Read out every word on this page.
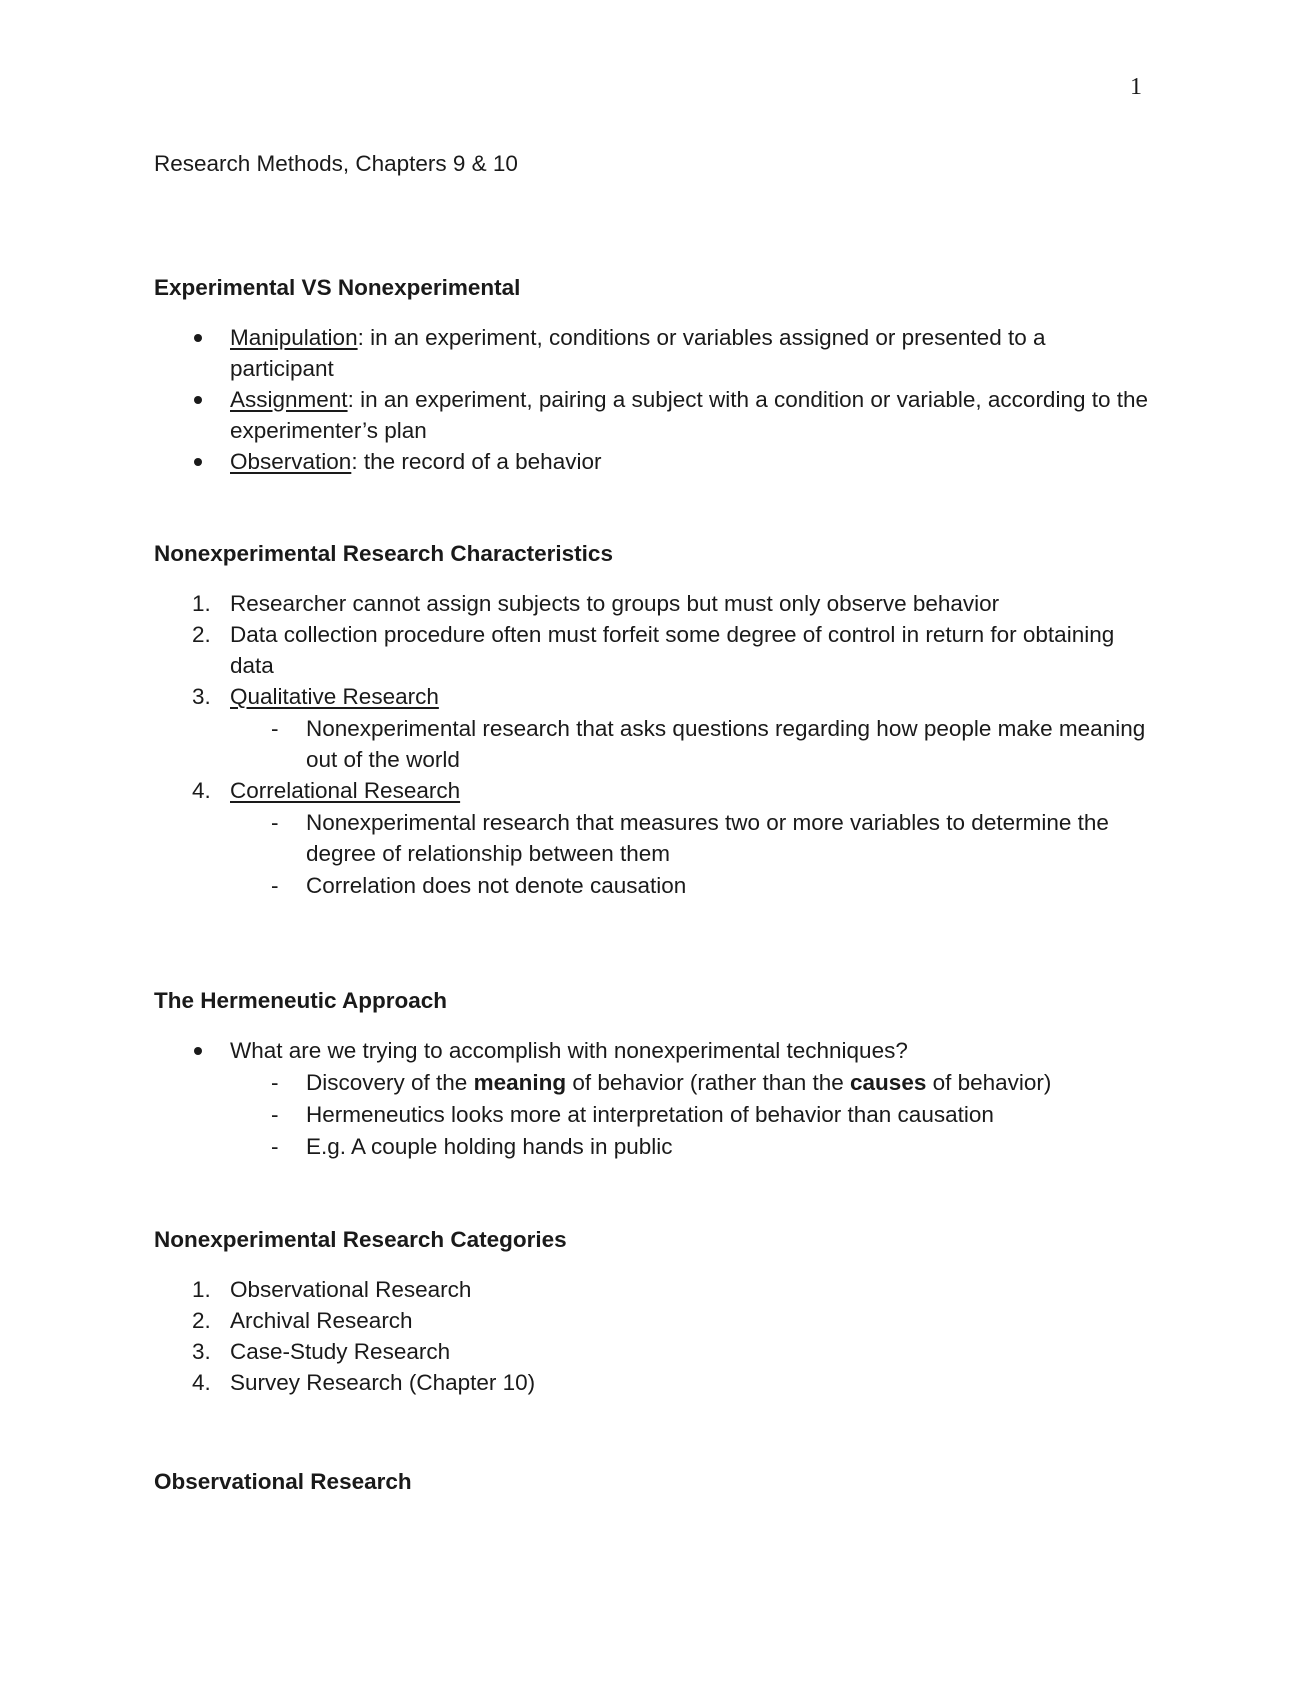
1
Research Methods, Chapters 9 & 10
Experimental VS Nonexperimental
Manipulation: in an experiment, conditions or variables assigned or presented to a participant
Assignment: in an experiment, pairing a subject with a condition or variable, according to the experimenter’s plan
Observation: the record of a behavior
Nonexperimental Research Characteristics
1. Researcher cannot assign subjects to groups but must only observe behavior
2. Data collection procedure often must forfeit some degree of control in return for obtaining data
3. Qualitative Research
- Nonexperimental research that asks questions regarding how people make meaning out of the world
4. Correlational Research
- Nonexperimental research that measures two or more variables to determine the degree of relationship between them
- Correlation does not denote causation
The Hermeneutic Approach
What are we trying to accomplish with nonexperimental techniques?
- Discovery of the meaning of behavior (rather than the causes of behavior)
- Hermeneutics looks more at interpretation of behavior than causation
- E.g. A couple holding hands in public
Nonexperimental Research Categories
1. Observational Research
2. Archival Research
3. Case-Study Research
4. Survey Research (Chapter 10)
Observational Research
